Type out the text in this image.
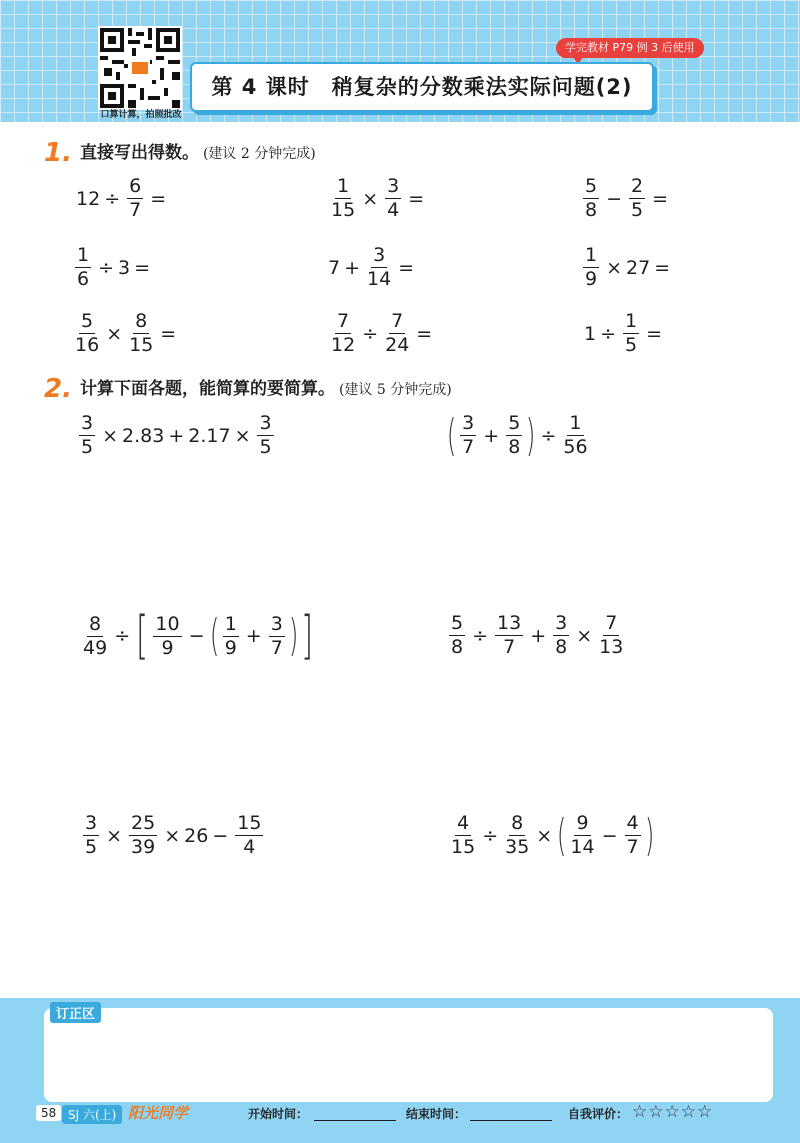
口算计算，拍照批改
学完教材 P79 例 3 后使用
第 4 课时 稍复杂的分数乘法实际问题(2)
1. 直接写出得数。 (建议 2 分钟完成)
$12 \div \frac{6}{7}$ =	$\frac{1}{15} \times \frac{3}{4}$ =	$\frac{5}{8} - \frac{2}{5}$ =
$\frac{1}{6} \div 3$ =	$7 + \frac{3}{14}$ =	$\frac{1}{9} \times 27$ =
$\frac{5}{16} \times \frac{8}{15}$ =	$\frac{7}{12} \div \frac{7}{24}$ =	$1 \div \frac{1}{5}$ =
2. 计算下面各题，能简算的要简算。 (建议 5 分钟完成)
$\frac{3}{5} \times 2.83 + 2.17 \times \frac{3}{5}$	( $\frac{3}{7} + \frac{5}{8}$ ) ÷ $\frac{1}{56}$
$\frac{8}{49}$ ÷ [ $\frac{10}{9}$ − ( $\frac{1}{9} + \frac{3}{7}$ ) ]	$\frac{5}{8} \div \frac{13}{7} + \frac{3}{8} \times \frac{7}{13}$
$\frac{3}{5} \times \frac{25}{39} \times 26 - \frac{15}{4}$	$\frac{4}{15} \div \frac{8}{35}$ × ( $\frac{9}{14} - \frac{4}{7}$ )
订正区
58 SJ 六(上) 阳光同学	开始时间：	结束时间：	自我评价： ☆☆☆☆☆
